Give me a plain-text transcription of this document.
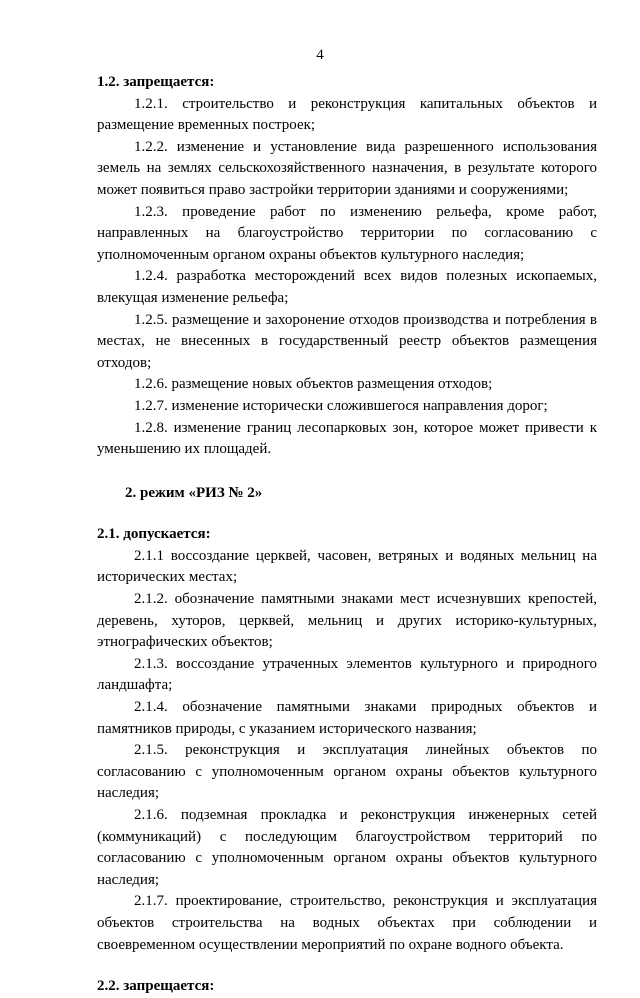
4

1.2. запрещается:

1.2.1. строительство и реконструкция капитальных объектов и размещение временных построек;

1.2.2. изменение и установление вида разрешенного использования земель на землях сельскохозяйственного назначения, в результате которого может появиться право застройки территории зданиями и сооружениями;

1.2.3. проведение работ по изменению рельефа, кроме работ, направленных на благоустройство территории по согласованию с уполномоченным органом охраны объектов культурного наследия;

1.2.4. разработка месторождений всех видов полезных ископаемых, влекущая изменение рельефа;

1.2.5. размещение и захоронение отходов производства и потребления в местах, не внесенных в государственный реестр объектов размещения отходов;

1.2.6. размещение новых объектов размещения отходов;

1.2.7. изменение исторически сложившегося направления дорог;

1.2.8. изменение границ лесопарковых зон, которое может привести к уменьшению их площадей.

2. режим «РИЗ № 2»

2.1. допускается:

2.1.1 воссоздание церквей, часовен, ветряных и водяных мельниц на исторических местах;

2.1.2. обозначение памятными знаками мест исчезнувших крепостей, деревень, хуторов, церквей, мельниц и других историко-культурных, этнографических объектов;

2.1.3. воссоздание утраченных элементов культурного и природного ландшафта;

2.1.4. обозначение памятными знаками природных объектов и памятников природы, с указанием исторического названия;

2.1.5. реконструкция и эксплуатация линейных объектов по согласованию с уполномоченным органом охраны объектов культурного наследия;

2.1.6. подземная прокладка и реконструкция инженерных сетей (коммуникаций) с последующим благоустройством территорий по согласованию с уполномоченным органом охраны объектов культурного наследия;

2.1.7. проектирование, строительство, реконструкция и эксплуатация объектов строительства на водных объектах при соблюдении и своевременном осуществлении мероприятий по охране водного объекта.

2.2. запрещается:
